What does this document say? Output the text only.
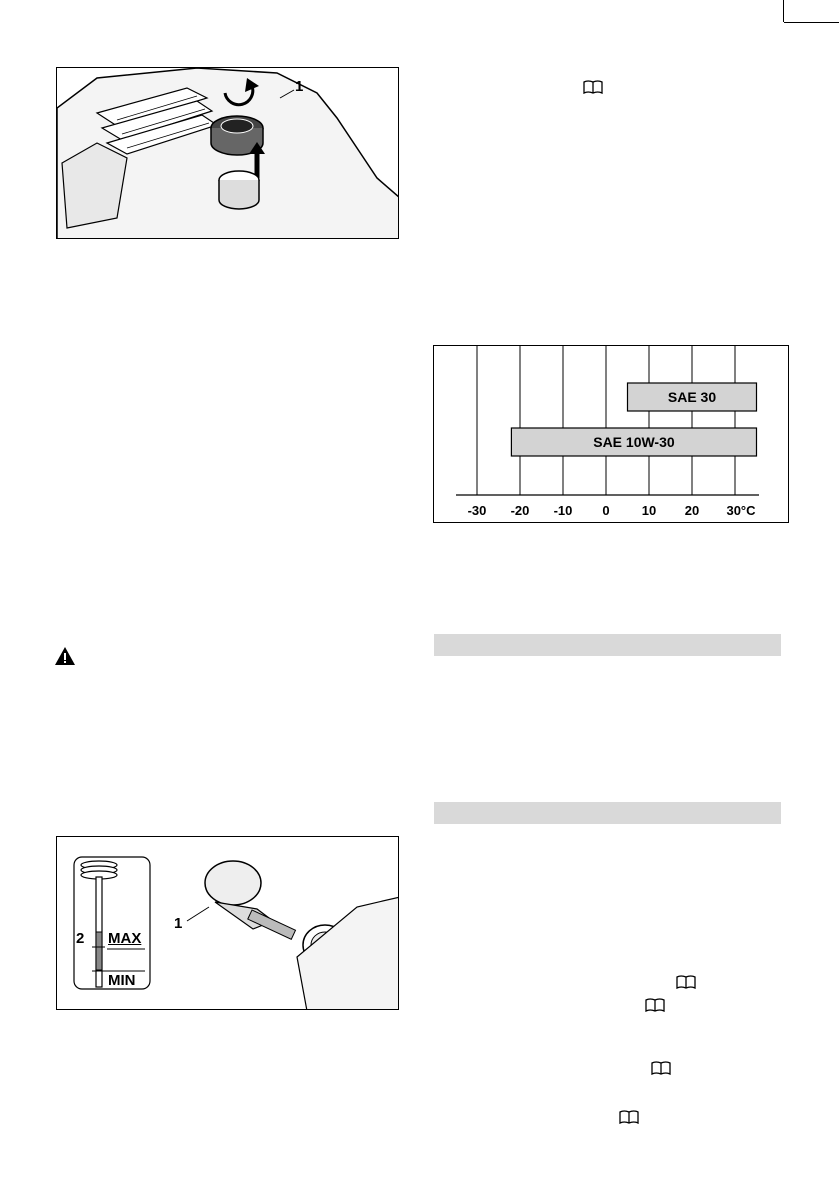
1
-30 -20 -10 0 10 20 30°C
SAE 30
SAE 10W-30
2 MAX
MIN
1
